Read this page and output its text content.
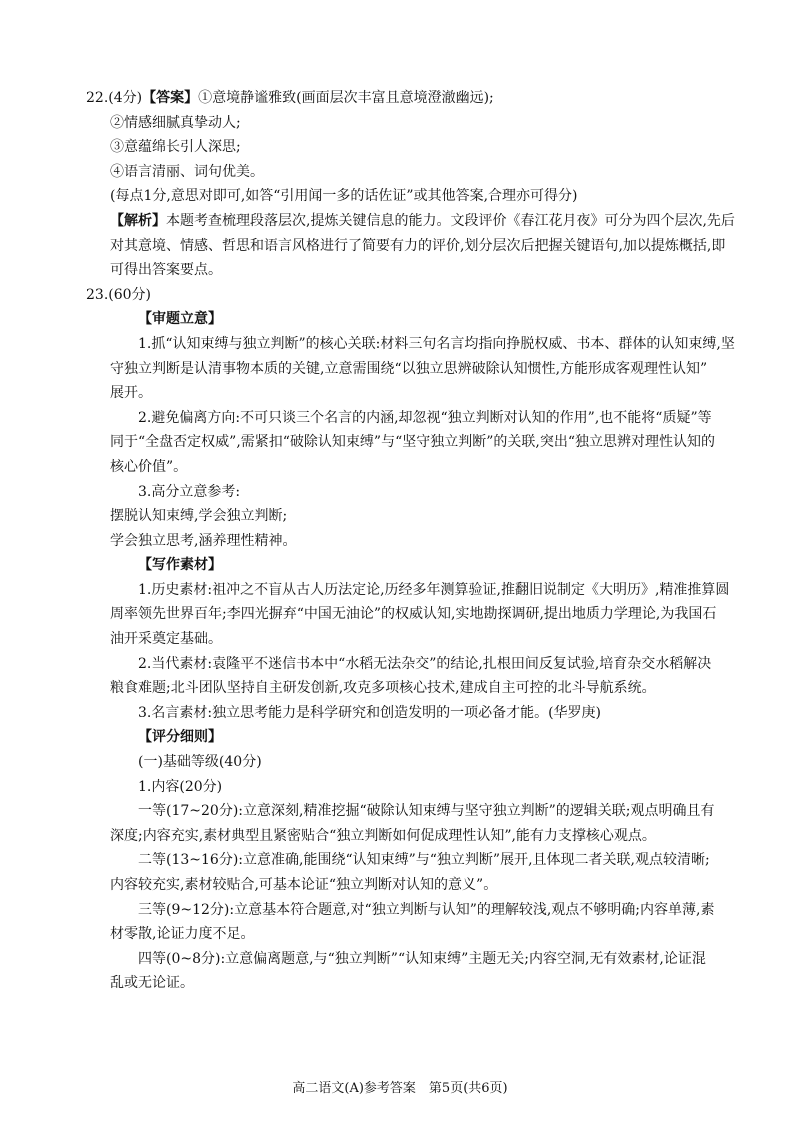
22.(4分)【答案】①意境静谧雅致(画面层次丰富且意境澄澈幽远);
②情感细腻真挚动人;
③意蕴绵长引人深思;
④语言清丽、词句优美。
(每点1分,意思对即可,如答“引用闻一多的话佐证”或其他答案,合理亦可得分)
【解析】本题考查梳理段落层次,提炼关键信息的能力。文段评价《春江花月夜》可分为四个层次,先后
对其意境、情感、哲思和语言风格进行了简要有力的评价,划分层次后把握关键语句,加以提炼概括,即
可得出答案要点。
23.(60分)
【审题立意】
1.抓“认知束缚与独立判断”的核心关联:材料三句名言均指向挣脱权威、书本、群体的认知束缚,坚
守独立判断是认清事物本质的关键,立意需围绕“以独立思辨破除认知惯性,方能形成客观理性认知”
展开。
2.避免偏离方向:不可只谈三个名言的内涵,却忽视“独立判断对认知的作用”,也不能将“质疑”等
同于“全盘否定权威”,需紧扣“破除认知束缚”与“坚守独立判断”的关联,突出“独立思辨对理性认知的
核心价值”。
3.高分立意参考:
摆脱认知束缚,学会独立判断;
学会独立思考,涵养理性精神。
【写作素材】
1.历史素材:祖冲之不盲从古人历法定论,历经多年测算验证,推翻旧说制定《大明历》,精准推算圆
周率领先世界百年;李四光摒弃“中国无油论”的权威认知,实地勘探调研,提出地质力学理论,为我国石
油开采奠定基础。
2.当代素材:袁隆平不迷信书本中“水稻无法杂交”的结论,扎根田间反复试验,培育杂交水稻解决
粮食难题;北斗团队坚持自主研发创新,攻克多项核心技术,建成自主可控的北斗导航系统。
3.名言素材:独立思考能力是科学研究和创造发明的一项必备才能。(华罗庚)
【评分细则】
(一)基础等级(40分)
1.内容(20分)
一等(17~20分):立意深刻,精准挖掘“破除认知束缚与坚守独立判断”的逻辑关联;观点明确且有
深度;内容充实,素材典型且紧密贴合“独立判断如何促成理性认知”,能有力支撑核心观点。
二等(13~16分):立意准确,能围绕“认知束缚”与“独立判断”展开,且体现二者关联,观点较清晰;
内容较充实,素材较贴合,可基本论证“独立判断对认知的意义”。
三等(9~12分):立意基本符合题意,对“独立判断与认知”的理解较浅,观点不够明确;内容单薄,素
材零散,论证力度不足。
四等(0~8分):立意偏离题意,与“独立判断”“认知束缚”主题无关;内容空洞,无有效素材,论证混
乱或无论证。
高二语文(A)参考答案　第5页(共6页)
